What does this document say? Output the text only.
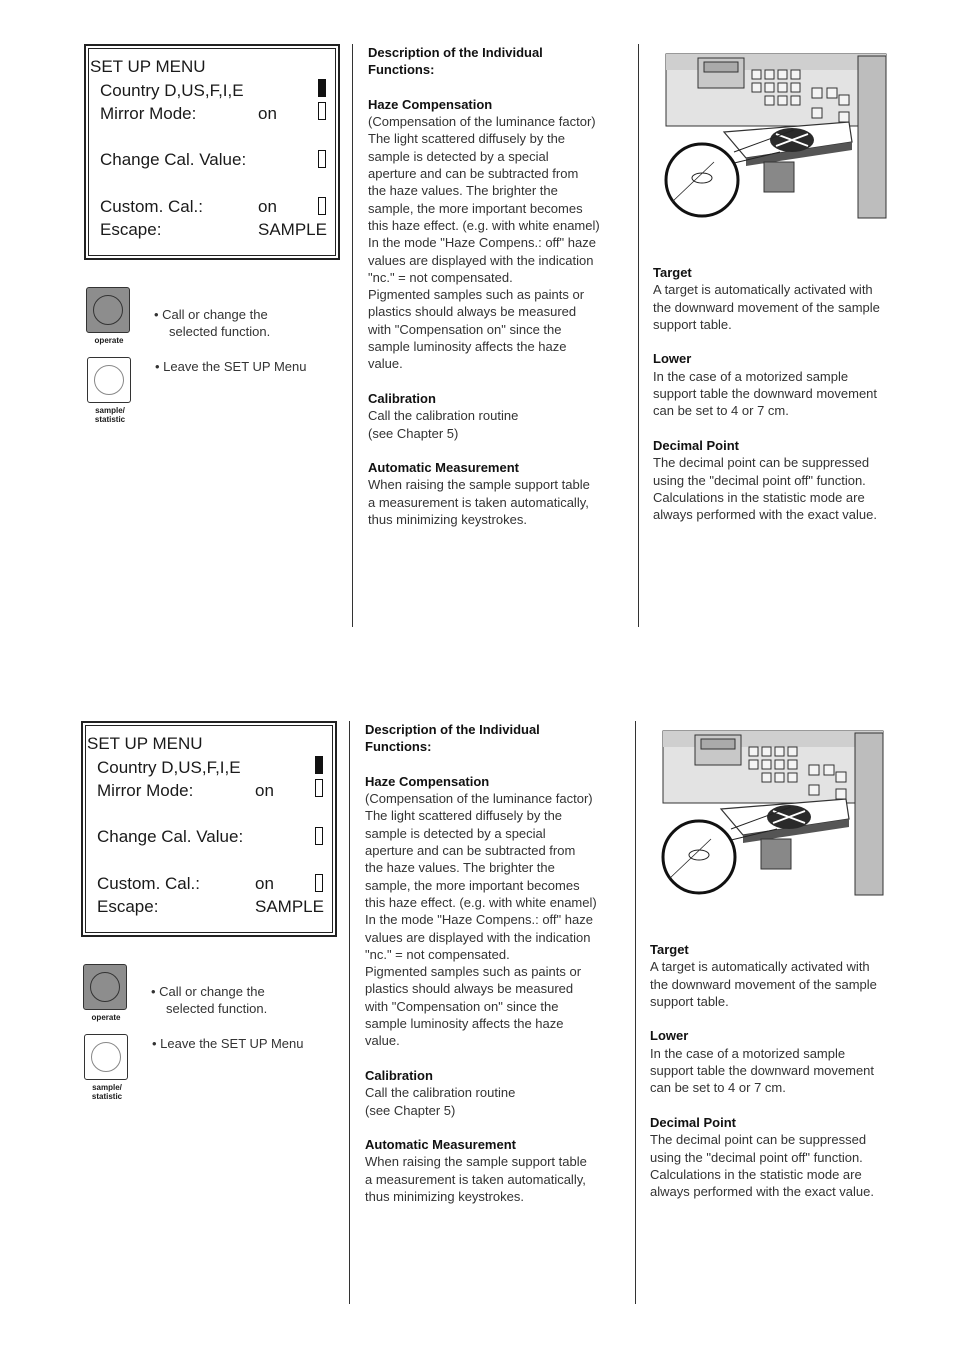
SET UP MENU
Country D,US,F,I,E
Mirror Mode:	on
Change Cal. Value:
Custom. Cal.:	on
Escape:	SAMPLE
operate
• Call or change the
selected function.
sample/
statistic
• Leave the SET UP Menu

Description of the Individual
Functions:

Haze Compensation
(Compensation of the luminance factor)
The light scattered diffusely by the
sample is detected by a special
aperture and can be subtracted from
the haze values. The brighter the
sample, the more important becomes
this haze effect. (e.g. with white enamel)
In the mode "Haze Compens.: off" haze
values are displayed with the indication
"nc." = not compensated.
Pigmented samples such as paints or
plastics should always be measured
with "Compensation on" since the
sample luminosity affects the haze
value.

Calibration
Call the calibration routine
(see Chapter 5)

Automatic Measurement
When raising the sample support table
a measurement is taken automatically,
thus minimizing keystrokes.

Target
A target is automatically activated with
the downward movement of the sample
support table.

Lower
In the case of a motorized sample
support table the downward movement
can be set to 4 or 7 cm.

Decimal Point
The decimal point can be suppressed
using the "decimal point off" function.
Calculations in the statistic mode are
always performed with the exact value.

SET UP MENU
Country D,US,F,I,E
Mirror Mode:	on
Change Cal. Value:
Custom. Cal.:	on
Escape:	SAMPLE
operate
• Call or change the
selected function.
sample/
statistic
• Leave the SET UP Menu

Description of the Individual
Functions:

Haze Compensation
(Compensation of the luminance factor)
The light scattered diffusely by the
sample is detected by a special
aperture and can be subtracted from
the haze values. The brighter the
sample, the more important becomes
this haze effect. (e.g. with white enamel)
In the mode "Haze Compens.: off" haze
values are displayed with the indication
"nc." = not compensated.
Pigmented samples such as paints or
plastics should always be measured
with "Compensation on" since the
sample luminosity affects the haze
value.

Calibration
Call the calibration routine
(see Chapter 5)

Automatic Measurement
When raising the sample support table
a measurement is taken automatically,
thus minimizing keystrokes.

Target
A target is automatically activated with
the downward movement of the sample
support table.

Lower
In the case of a motorized sample
support table the downward movement
can be set to 4 or 7 cm.

Decimal Point
The decimal point can be suppressed
using the "decimal point off" function.
Calculations in the statistic mode are
always performed with the exact value.
